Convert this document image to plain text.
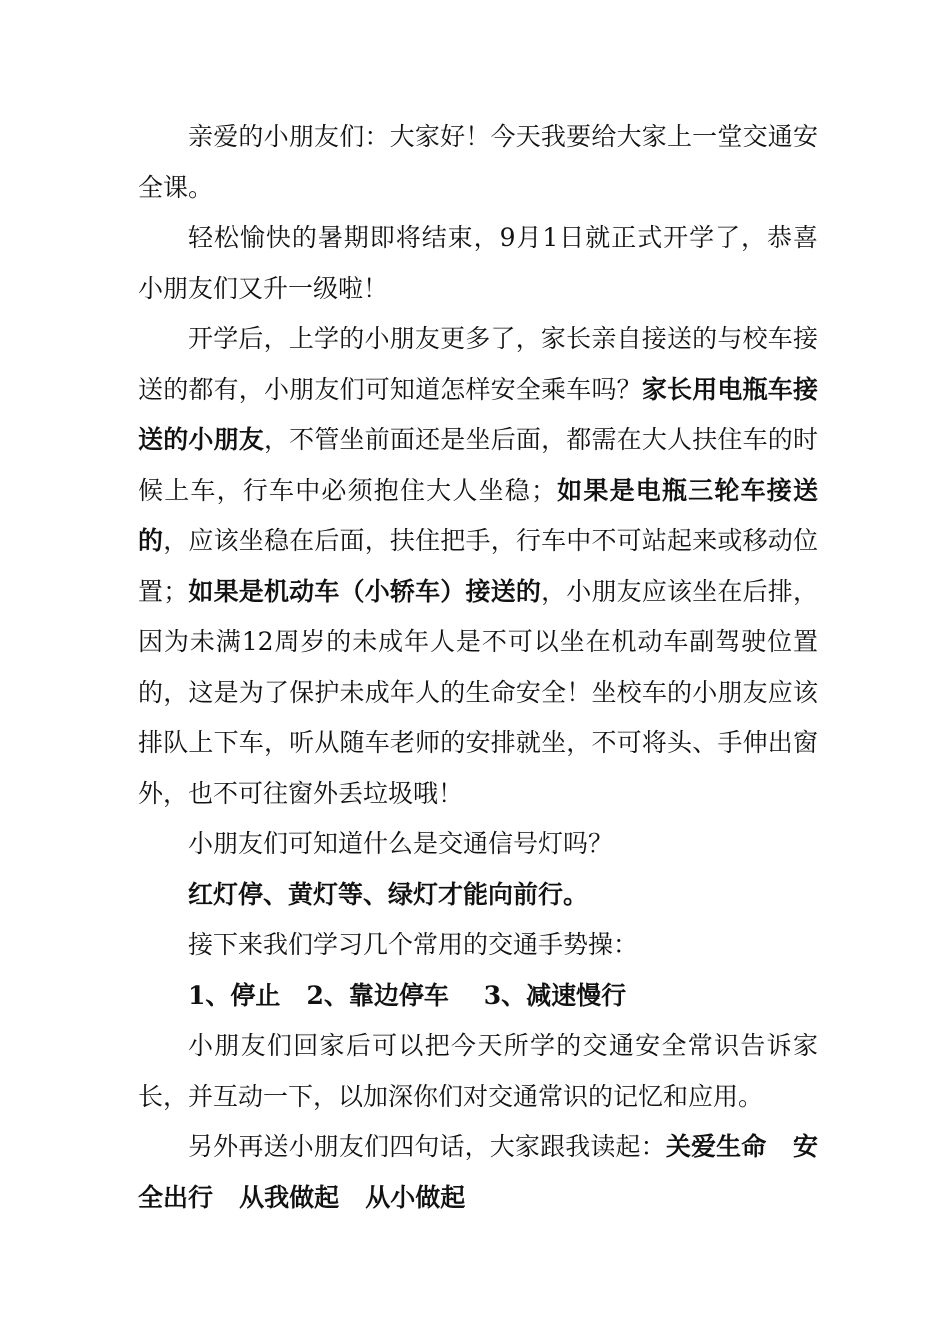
亲爱的小朋友们：大家好！今天我要给大家上一堂交通安全课。

轻松愉快的暑期即将结束，9月1日就正式开学了，恭喜小朋友们又升一级啦！

开学后，上学的小朋友更多了，家长亲自接送的与校车接送的都有，小朋友们可知道怎样安全乘车吗？家长用电瓶车接送的小朋友，不管坐前面还是坐后面，都需在大人扶住车的时候上车，行车中必须抱住大人坐稳；如果是电瓶三轮车接送的，应该坐稳在后面，扶住把手，行车中不可站起来或移动位置；如果是机动车（小轿车）接送的，小朋友应该坐在后排，因为未满12周岁的未成年人是不可以坐在机动车副驾驶位置的，这是为了保护未成年人的生命安全！坐校车的小朋友应该排队上下车，听从随车老师的安排就坐，不可将头、手伸出窗外，也不可往窗外丢垃圾哦！

小朋友们可知道什么是交通信号灯吗？

红灯停、黄灯等、绿灯才能向前行。

接下来我们学习几个常用的交通手势操：

1、停止   2、靠边停车    3、减速慢行

小朋友们回家后可以把今天所学的交通安全常识告诉家长，并互动一下，以加深你们对交通常识的记忆和应用。

另外再送小朋友们四句话，大家跟我读起：关爱生命   安全出行   从我做起   从小做起
